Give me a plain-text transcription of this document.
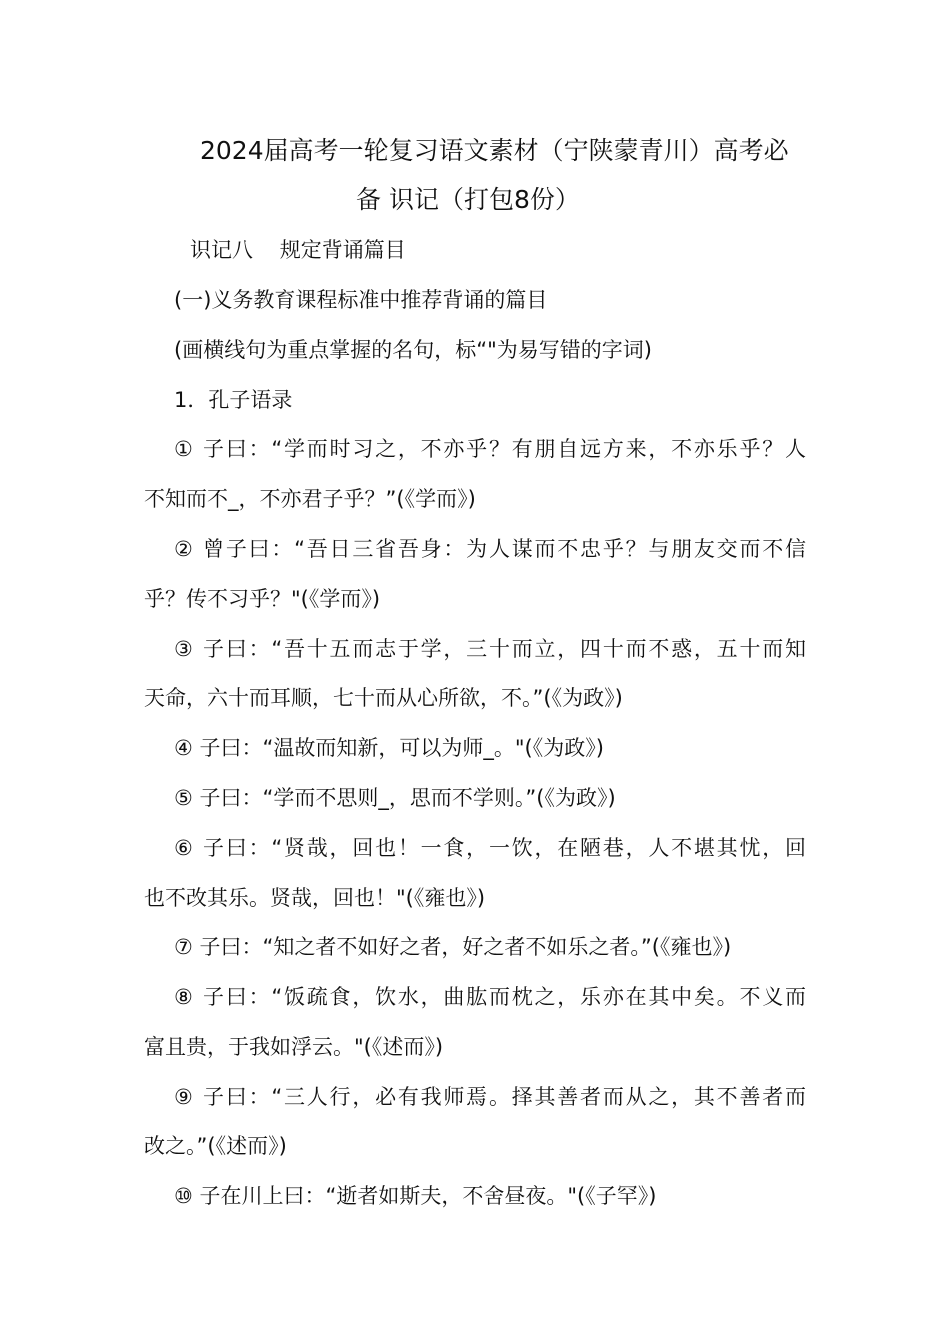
2024届高考一轮复习语文素材（宁陕蒙青川）高考必
备 识记（打包8份）
识记八    规定背诵篇目
(一)义务教育课程标准中推荐背诵的篇目
(画横线句为重点掌握的名句，标“"为易写错的字词)
1．孔子语录
① 子曰：“学而时习之，不亦乎？有朋自远方来，不亦乐乎？人
不知而不_，不亦君子乎？”(《学而》)
② 曾子曰：“吾日三省吾身：为人谋而不忠乎？与朋友交而不信
乎？传不习乎？"(《学而》)
③ 子曰：“吾十五而志于学，三十而立，四十而不惑，五十而知
天命，六十而耳顺，七十而从心所欲，不。”(《为政》)
④ 子曰：“温故而知新，可以为师_。"(《为政》)
⑤ 子曰：“学而不思则_，思而不学则。”(《为政》)
⑥ 子曰：“贤哉，回也！一食，一饮，在陋巷，人不堪其忧，回
也不改其乐。贤哉，回也！"(《雍也》)
⑦ 子曰：“知之者不如好之者，好之者不如乐之者。”(《雍也》)
⑧ 子曰：“饭疏食，饮水，曲肱而枕之，乐亦在其中矣。不义而
富且贵，于我如浮云。"(《述而》)
⑨ 子曰：“三人行，必有我师焉。择其善者而从之，其不善者而
改之。”(《述而》)
⑩ 子在川上曰：“逝者如斯夫，不舍昼夜。"(《子罕》)
